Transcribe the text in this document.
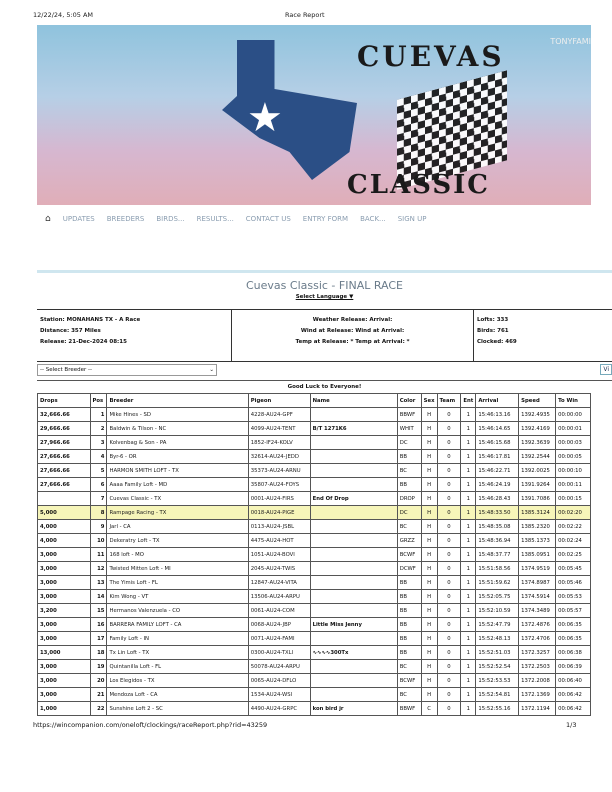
12/22/24, 5:05 AM	Race Report
★
CUEVAS
CLASSIC
TONYFAMI
⌂ UPDATES BREEDERS BIRDS... RESULTS... CONTACT US ENTRY FORM BACK... SIGN UP
Cuevas Classic - FINAL RACE
Select Language ▼
Station: MONAHANS TX - A Race
Distance: 357 Miles
Release: 21-Dec-2024 08:15
Weather Release: Arrival:
Wind at Release: Wind at Arrival:
Temp at Release: * Temp at Arrival: *
Lofts: 333
Birds: 761
Clocked: 469
-- Select Breeder --	⌄	Vi
Good Luck to Everyone!
Drops	Pos	Breeder	Pigeon	Name	Color	Sex	Team	Ent	Arrival	Speed	To Win
32,666.66	1	Mike Hines - SD	4228-AU24-GPF		BBWF	H	0	1	15:46:13.16	1392.4935	00:00:00
29,666.66	2	Baldwin & Tilson - NC	4099-AU24-TENT	B/T 1271K6	WHIT	H	0	1	15:46:14.65	1392.4169	00:00:01
27,966.66	3	Kolvenbag & Son - PA	1852-IF24-KOLV		DC	H	0	1	15:46:15.68	1392.3639	00:00:03
27,666.66	4	Byr-6 - OR	32614-AU24-JEDD		BB	H	0	1	15:46:17.81	1392.2544	00:00:05
27,666.66	5	HARMON SMITH LOFT - TX	35373-AU24-ARNU		BC	H	0	1	15:46:22.71	1392.0025	00:00:10
27,666.66	6	Aaaa Family Loft - MD	35807-AU24-FOYS		BB	H	0	1	15:46:24.19	1391.9264	00:00:11
	7	Cuevas Classic - TX	0001-AU24-FIRS	End Of Drop	DROP	H	0	1	15:46:28.43	1391.7086	00:00:15
5,000	8	Rampage Racing - TX	0018-AU24-PIGE		DC	H	0	1	15:48:33.50	1385.3124	00:02:20
4,000	9	Jarl - CA	0113-AU24-JSBL		BC	H	0	1	15:48:35.08	1385.2320	00:02:22
4,000	10	Dekeratry Loft - TX	4475-AU24-HOT		GRZZ	H	0	1	15:48:36.94	1385.1373	00:02:24
3,000	11	168 loft - MO	1051-AU24-BOVI		BCWF	H	0	1	15:48:37.77	1385.0951	00:02:25
3,000	12	Twisted Mitten Loft - MI	2045-AU24-TWIS		DCWF	H	0	1	15:51:58.56	1374.9519	00:05:45
3,000	13	The Yimis Loft - FL	12847-AU24-VITA		BB	H	0	1	15:51:59.62	1374.8987	00:05:46
3,000	14	Kim Wong - VT	13506-AU24-ARPU		BB	H	0	1	15:52:05.75	1374.5914	00:05:53
3,200	15	Hermanos Valenzuela - CO	0061-AU24-COM		BB	H	0	1	15:52:10.59	1374.3489	00:05:57
3,000	16	BARRERA FAMILY LOFT - CA	0068-AU24-JBP	Little Miss Jenny	BB	H	0	1	15:52:47.79	1372.4876	00:06:35
3,000	17	Family Loft - IN	0071-AU24-FAMI		BB	H	0	1	15:52:48.13	1372.4706	00:06:35
13,000	18	Tx Lin Loft - TX	0300-AU24-TXLI	∿∿∿∿300Tx	BB	H	0	1	15:52:51.03	1372.3257	00:06:38
3,000	19	Quintanilla Loft - FL	50078-AU24-ARPU		BC	H	0	1	15:52:52.54	1372.2503	00:06:39
3,000	20	Los Elegidos - TX	0065-AU24-DFLO		BCWF	H	0	1	15:52:53.53	1372.2008	00:06:40
3,000	21	Mendoza Loft - CA	1534-AU24-WSI		BC	H	0	1	15:52:54.81	1372.1369	00:06:42
1,000	22	Sunshine Loft 2 - SC	4490-AU24-GRPC	kon bird jr	BBWF	C	0	1	15:52:55.16	1372.1194	00:06:42
https://wincompanion.com/oneloft/clockings/raceReport.php?rid=43259	1/3
